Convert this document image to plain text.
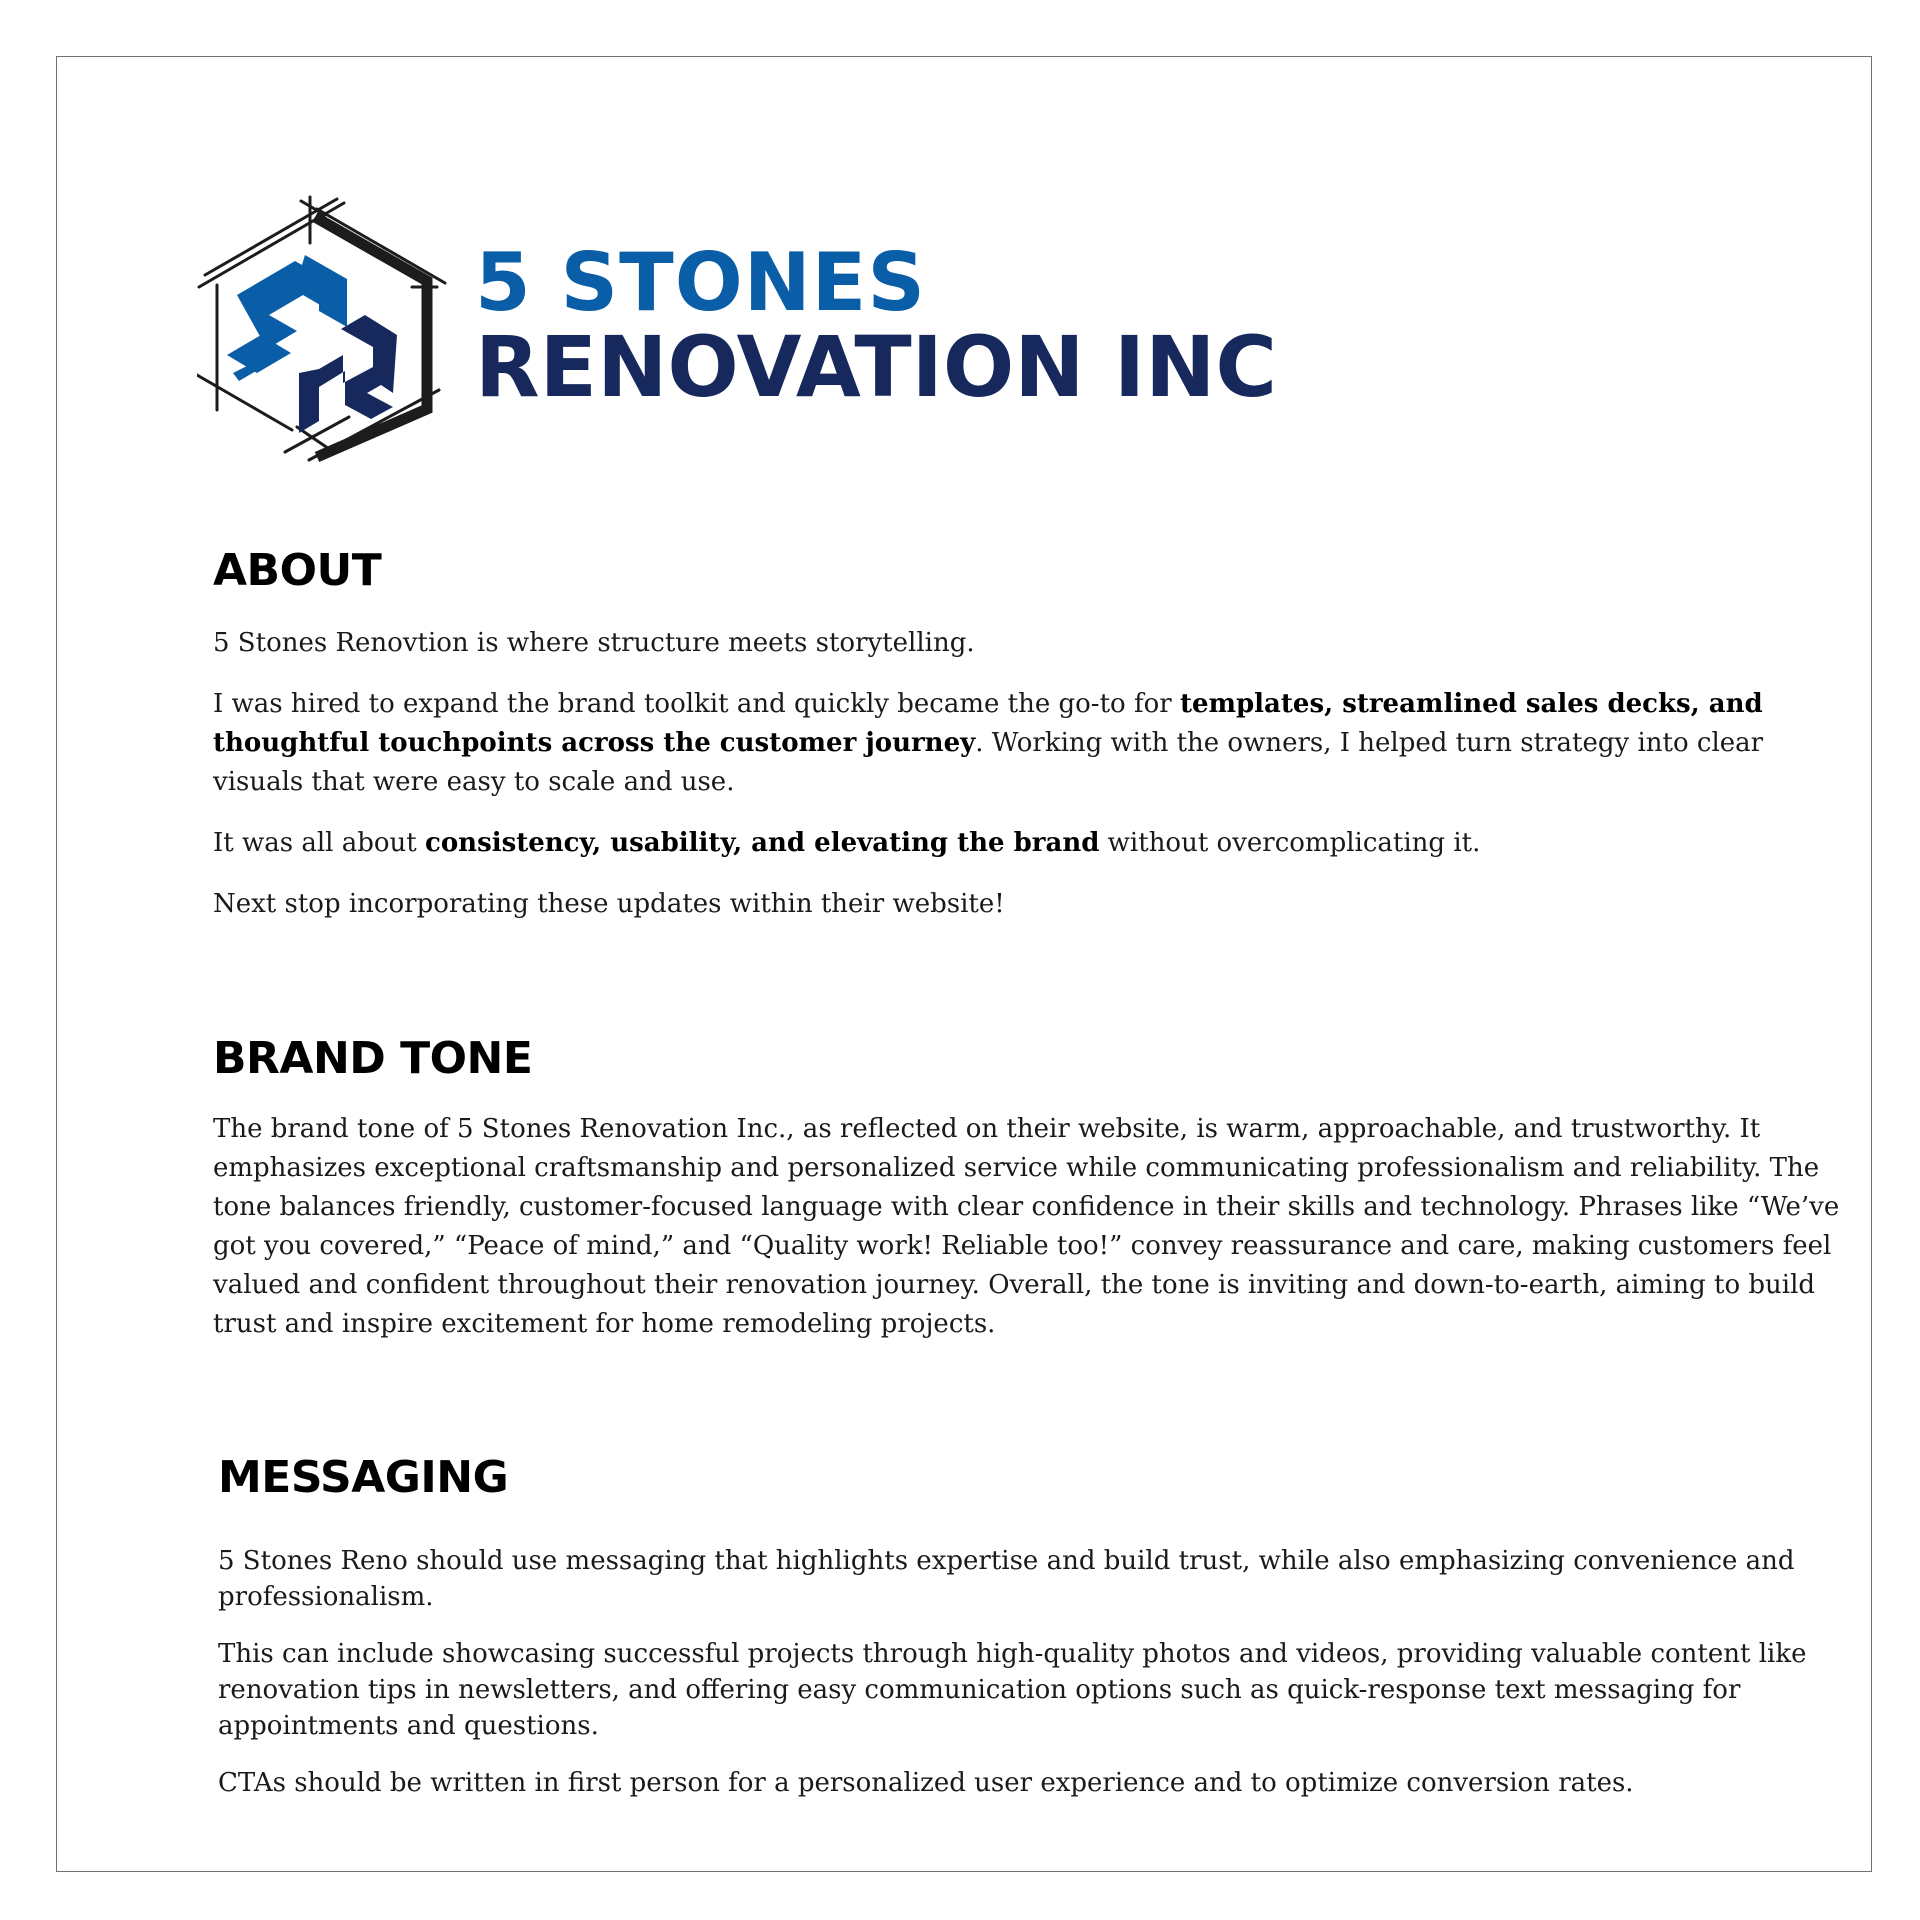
5 STONES
RENOVATION INC
ABOUT

5 Stones Renovtion is where structure meets storytelling.

I was hired to expand the brand toolkit and quickly became the go-to for templates, streamlined sales decks, and thoughtful touchpoints across the customer journey. Working with the owners, I helped turn strategy into clear visuals that were easy to scale and use.

It was all about consistency, usability, and elevating the brand without overcomplicating it.

Next stop incorporating these updates within their website!

BRAND TONE

The brand tone of 5 Stones Renovation Inc., as reflected on their website, is warm, approachable, and trustworthy. It emphasizes exceptional craftsmanship and personalized service while communicating professionalism and reliability. The tone balances friendly, customer-focused language with clear confidence in their skills and technology. Phrases like “We’ve got you covered,” “Peace of mind,” and “Quality work! Reliable too!” convey reassurance and care, making customers feel valued and confident throughout their renovation journey. Overall, the tone is inviting and down-to-earth, aiming to build trust and inspire excitement for home remodeling projects.

MESSAGING

5 Stones Reno should use messaging that highlights expertise and build trust, while also emphasizing convenience and professionalism.

This can include showcasing successful projects through high-quality photos and videos, providing valuable content like renovation tips in newsletters, and offering easy communication options such as quick-response text messaging for appointments and questions.

CTAs should be written in first person for a personalized user experience and to optimize conversion rates.
